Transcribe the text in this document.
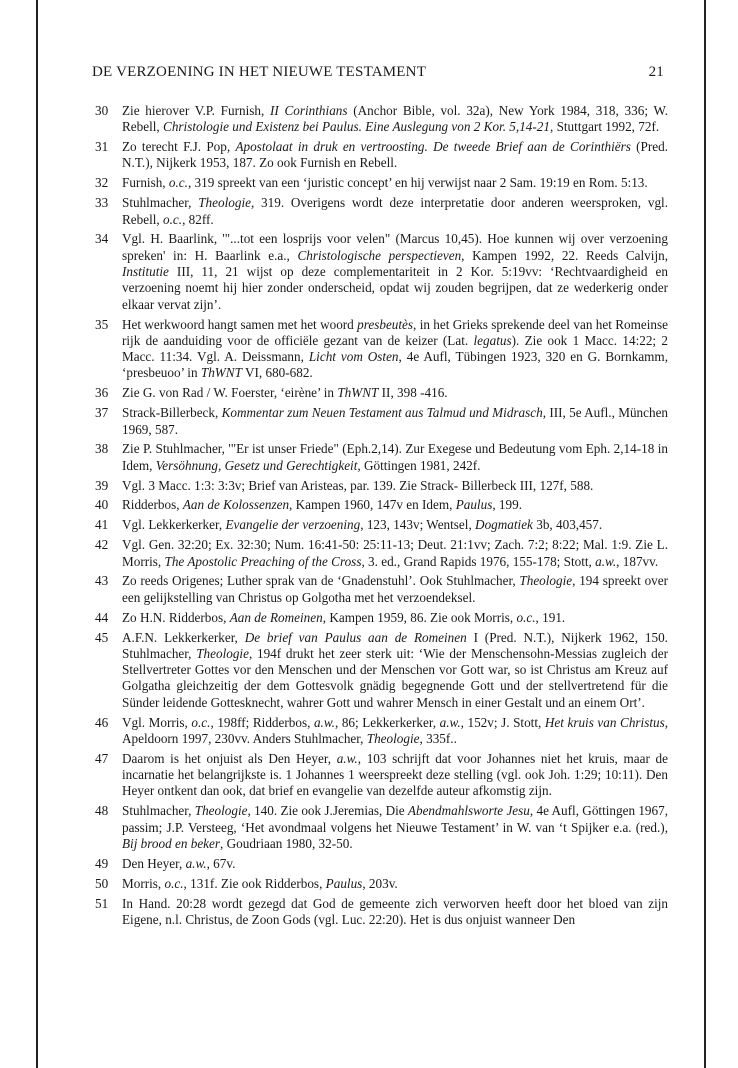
DE VERZOENING IN HET NIEUWE TESTAMENT	21
30 Zie hierover V.P. Furnish, II Corinthians (Anchor Bible, vol. 32a), New York 1984, 318, 336; W. Rebell, Christologie und Existenz bei Paulus. Eine Auslegung von 2 Kor. 5,14-21, Stuttgart 1992, 72f.
31 Zo terecht F.J. Pop, Apostolaat in druk en vertroosting. De tweede Brief aan de Corinthiërs (Pred. N.T.), Nijkerk 1953, 187. Zo ook Furnish en Rebell.
32 Furnish, o.c., 319 spreekt van een ‘juristic concept’ en hij verwijst naar 2 Sam. 19:19 en Rom. 5:13.
33 Stuhlmacher, Theologie, 319. Overigens wordt deze interpretatie door anderen weersproken, vgl. Rebell, o.c., 82ff.
34 Vgl. H. Baarlink, '"...tot een losprijs voor velen" (Marcus 10,45). Hoe kunnen wij over verzoening spreken' in: H. Baarlink e.a., Christologische perspectieven, Kampen 1992, 22. Reeds Calvijn, Institutie III, 11, 21 wijst op deze complementariteit in 2 Kor. 5:19vv: ‘Rechtvaardigheid en verzoening noemt hij hier zonder onderscheid, opdat wij zouden begrijpen, dat ze wederkerig onder elkaar vervat zijn’.
35 Het werkwoord hangt samen met het woord presbeutès, in het Grieks sprekende deel van het Romeinse rijk de aanduiding voor de officiële gezant van de keizer (Lat. legatus). Zie ook 1 Macc. 14:22; 2 Macc. 11:34. Vgl. A. Deissmann, Licht vom Osten, 4e Aufl, Tübingen 1923, 320 en G. Bornkamm, ‘presbeuoo’ in ThWNT VI, 680-682.
36 Zie G. von Rad / W. Foerster, ‘eirène’ in ThWNT II, 398 -416.
37 Strack-Billerbeck, Kommentar zum Neuen Testament aus Talmud und Midrasch, III, 5e Aufl., München 1969, 587.
38 Zie P. Stuhlmacher, '"Er ist unser Friede" (Eph.2,14). Zur Exegese und Bedeutung vom Eph. 2,14-18 in Idem, Versöhnung, Gesetz und Gerechtigkeit, Göttingen 1981, 242f.
39 Vgl. 3 Macc. 1:3: 3:3v; Brief van Aristeas, par. 139. Zie Strack- Billerbeck III, 127f, 588.
40 Ridderbos, Aan de Kolossenzen, Kampen 1960, 147v en Idem, Paulus, 199.
41 Vgl. Lekkerkerker, Evangelie der verzoening, 123, 143v; Wentsel, Dogmatiek 3b, 403,457.
42 Vgl. Gen. 32:20; Ex. 32:30; Num. 16:41-50: 25:11-13; Deut. 21:1vv; Zach. 7:2; 8:22; Mal. 1:9. Zie L. Morris, The Apostolic Preaching of the Cross, 3. ed., Grand Rapids 1976, 155-178; Stott, a.w., 187vv.
43 Zo reeds Origenes; Luther sprak van de ‘Gnadenstuhl’. Ook Stuhlmacher, Theologie, 194 spreekt over een gelijkstelling van Christus op Golgotha met het verzoendeksel.
44 Zo H.N. Ridderbos, Aan de Romeinen, Kampen 1959, 86. Zie ook Morris, o.c., 191.
45 A.F.N. Lekkerkerker, De brief van Paulus aan de Romeinen I (Pred. N.T.), Nijkerk 1962, 150. Stuhlmacher, Theologie, 194f drukt het zeer sterk uit: ‘Wie der Menschensohn-Messias zugleich der Stellvertreter Gottes vor den Menschen und der Menschen vor Gott war, so ist Christus am Kreuz auf Golgatha gleichzeitig der dem Gottesvolk gnädig begegnende Gott und der stellvertretend für die Sünder leidende Gottesknecht, wahrer Gott und wahrer Mensch in einer Gestalt und an einem Ort’.
46 Vgl. Morris, o.c., 198ff; Ridderbos, a.w., 86; Lekkerkerker, a.w., 152v; J. Stott, Het kruis van Christus, Apeldoorn 1997, 230vv. Anders Stuhlmacher, Theologie, 335f..
47 Daarom is het onjuist als Den Heyer, a.w., 103 schrijft dat voor Johannes niet het kruis, maar de incarnatie het belangrijkste is. 1 Johannes 1 weerspreekt deze stelling (vgl. ook Joh. 1:29; 10:11). Den Heyer ontkent dan ook, dat brief en evangelie van dezelfde auteur afkomstig zijn.
48 Stuhlmacher, Theologie, 140. Zie ook J.Jeremias, Die Abendmahlsworte Jesu, 4e Aufl, Göttingen 1967, passim; J.P. Versteeg, ‘Het avondmaal volgens het Nieuwe Testament’ in W. van ‘t Spijker e.a. (red.), Bij brood en beker, Goudriaan 1980, 32-50.
49 Den Heyer, a.w., 67v.
50 Morris, o.c., 131f. Zie ook Ridderbos, Paulus, 203v.
51 In Hand. 20:28 wordt gezegd dat God de gemeente zich verworven heeft door het bloed van zijn Eigene, n.l. Christus, de Zoon Gods (vgl. Luc. 22:20). Het is dus onjuist wanneer Den
